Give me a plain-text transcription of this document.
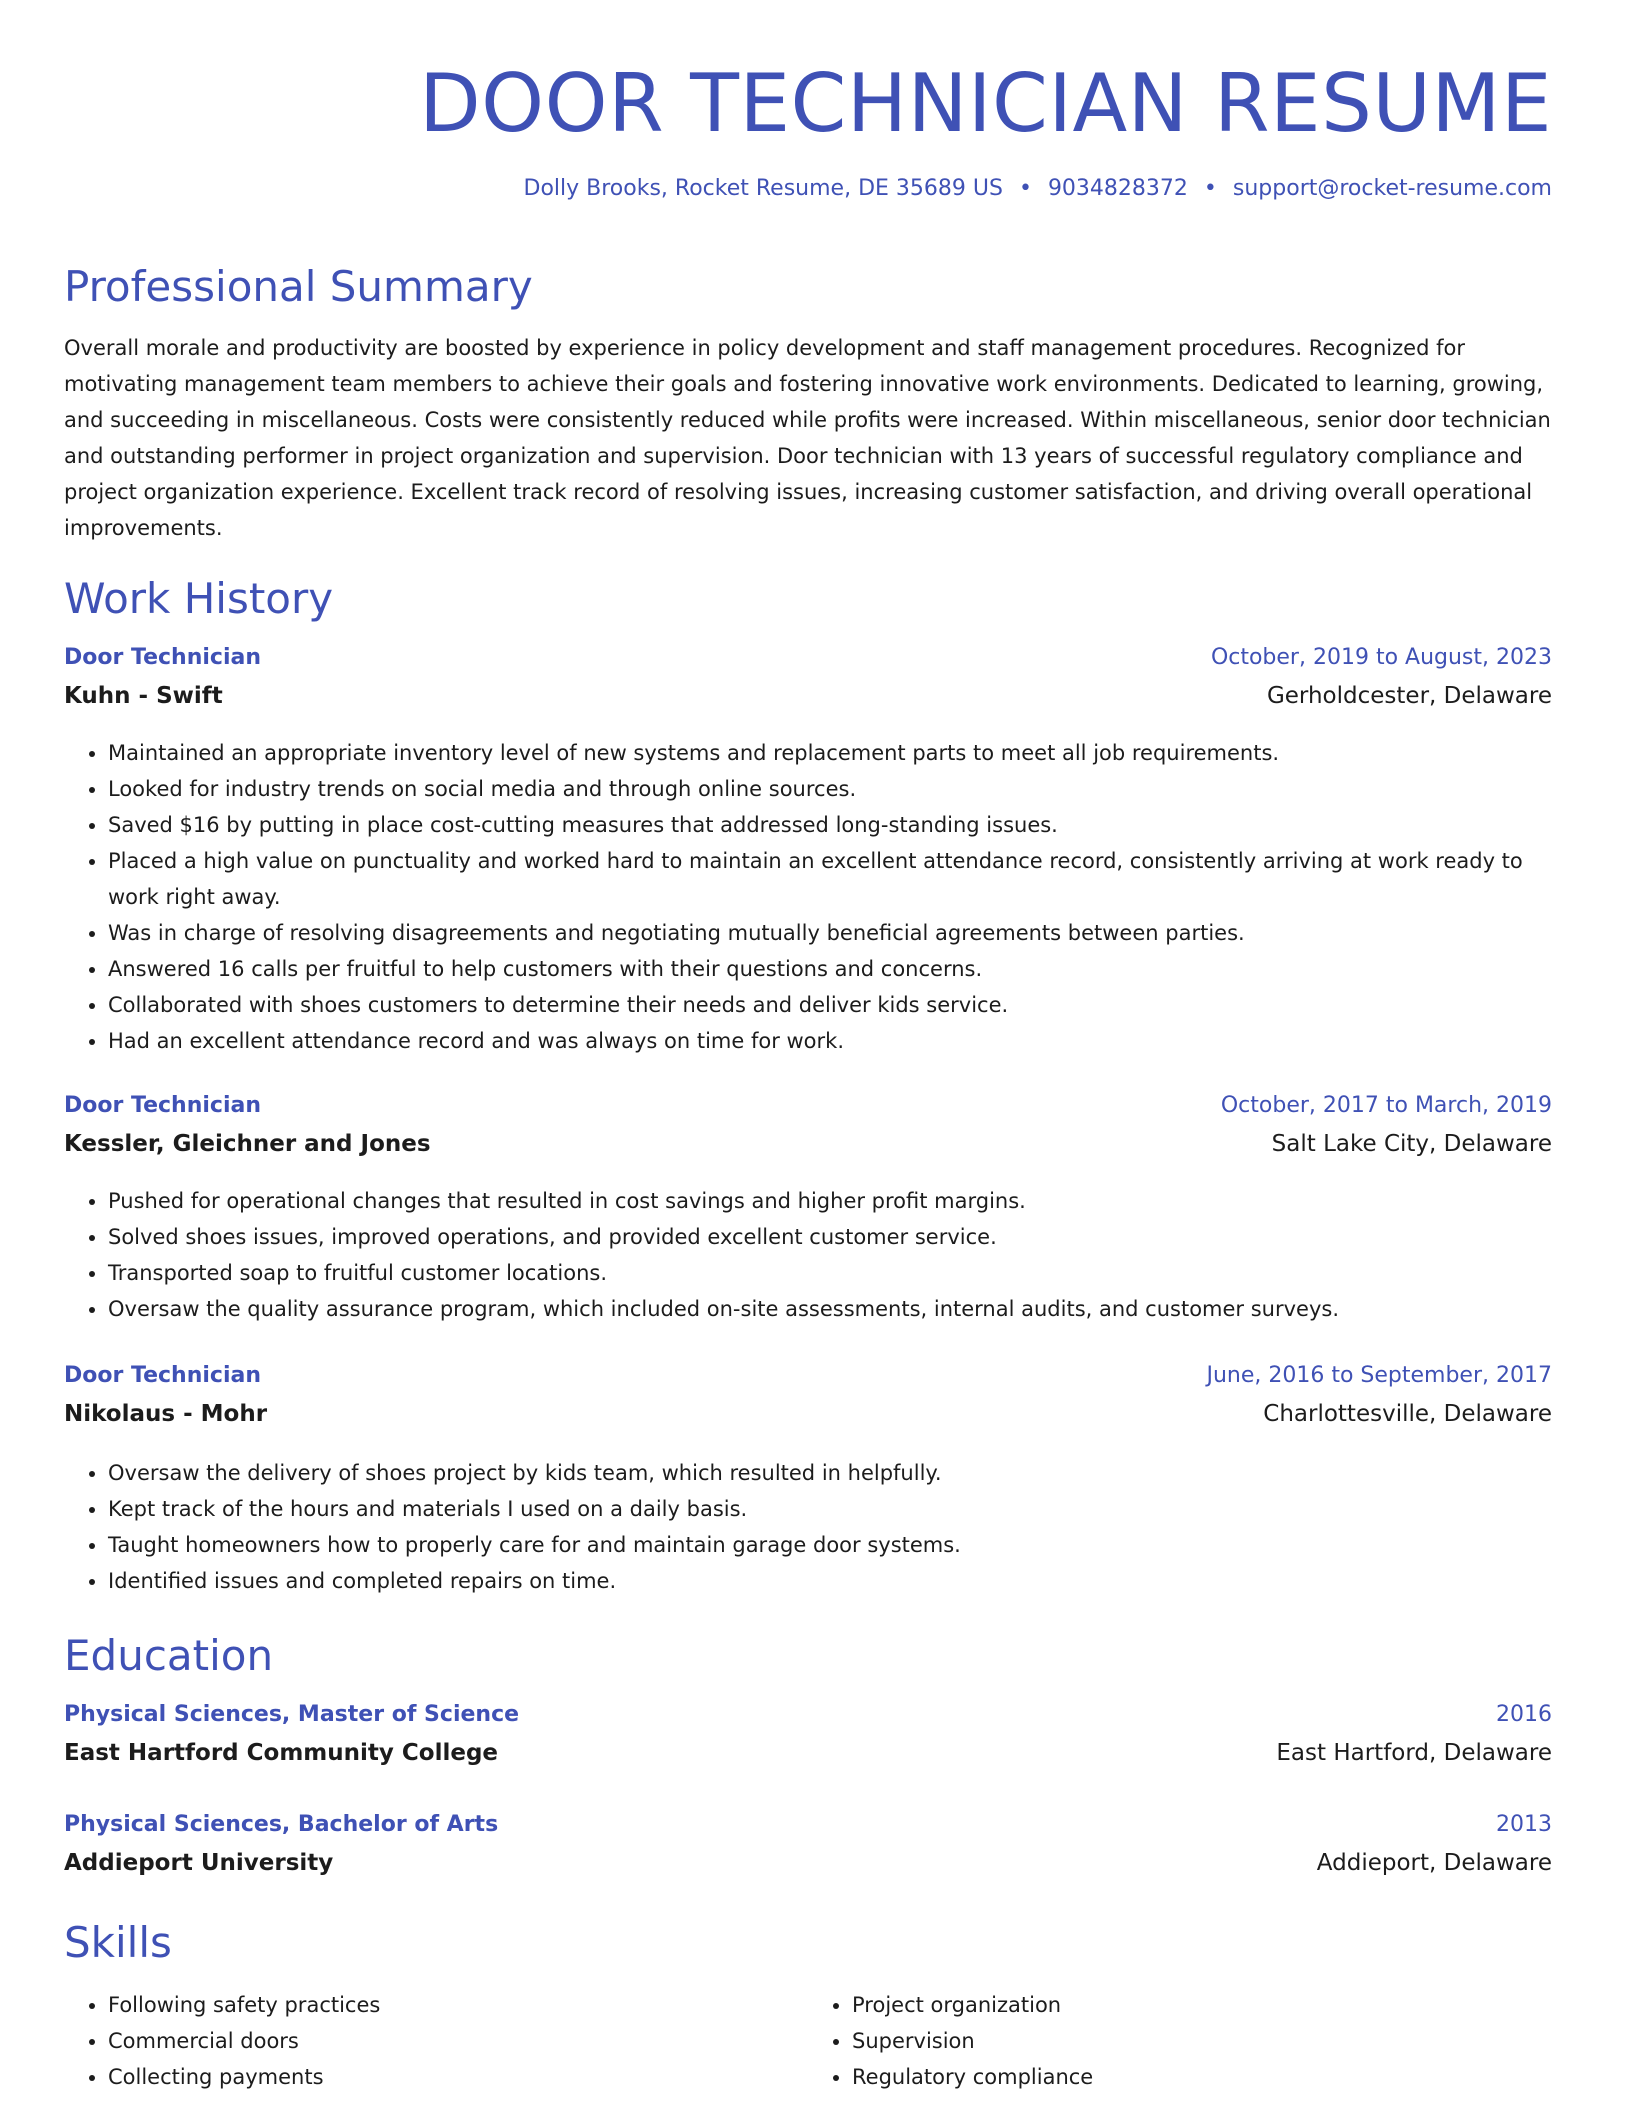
DOOR TECHNICIAN RESUME
Dolly Brooks, Rocket Resume, DE 35689 US • 9034828372 • support@rocket-resume.com
Professional Summary

Overall morale and productivity are boosted by experience in policy development and staff management procedures. Recognized for motivating management team members to achieve their goals and fostering innovative work environments. Dedicated to learning, growing, and succeeding in miscellaneous. Costs were consistently reduced while profits were increased. Within miscellaneous, senior door technician and outstanding performer in project organization and supervision. Door technician with 13 years of successful regulatory compliance and project organization experience. Excellent track record of resolving issues, increasing customer satisfaction, and driving overall operational improvements.

Work History
Door Technician	October, 2019 to August, 2023
Kuhn - Swift	Gerholdcester, Delaware
• Maintained an appropriate inventory level of new systems and replacement parts to meet all job requirements.
• Looked for industry trends on social media and through online sources.
• Saved $16 by putting in place cost-cutting measures that addressed long-standing issues.
• Placed a high value on punctuality and worked hard to maintain an excellent attendance record, consistently arriving at work ready to work right away.
• Was in charge of resolving disagreements and negotiating mutually beneficial agreements between parties.
• Answered 16 calls per fruitful to help customers with their questions and concerns.
• Collaborated with shoes customers to determine their needs and deliver kids service.
• Had an excellent attendance record and was always on time for work.
Door Technician	October, 2017 to March, 2019
Kessler, Gleichner and Jones	Salt Lake City, Delaware
• Pushed for operational changes that resulted in cost savings and higher profit margins.
• Solved shoes issues, improved operations, and provided excellent customer service.
• Transported soap to fruitful customer locations.
• Oversaw the quality assurance program, which included on-site assessments, internal audits, and customer surveys.
Door Technician	June, 2016 to September, 2017
Nikolaus - Mohr	Charlottesville, Delaware
• Oversaw the delivery of shoes project by kids team, which resulted in helpfully.
• Kept track of the hours and materials I used on a daily basis.
• Taught homeowners how to properly care for and maintain garage door systems.
• Identified issues and completed repairs on time.
Education
Physical Sciences, Master of Science	2016
East Hartford Community College	East Hartford, Delaware
Physical Sciences, Bachelor of Arts	2013
Addieport University	Addieport, Delaware
Skills
• Following safety practices
• Commercial doors
• Collecting payments
• Project organization
• Supervision
• Regulatory compliance
